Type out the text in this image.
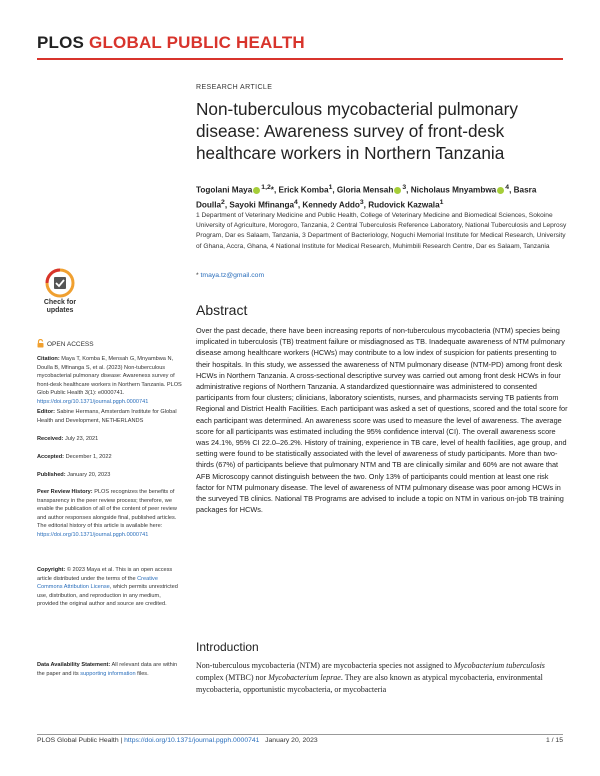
PLOS GLOBAL PUBLIC HEALTH
RESEARCH ARTICLE
Non-tuberculous mycobacterial pulmonary disease: Awareness survey of front-desk healthcare workers in Northern Tanzania
Togolani Maya $^{1,2}$*, Erick Komba$^1$, Gloria Mensah $^3$, Nicholaus Mnyambwa $^4$, Basra Doulla$^2$, Sayoki Mfinanga$^4$, Kennedy Addo$^3$, Rudovick Kazwala$^1$
1 Department of Veterinary Medicine and Public Health, College of Veterinary Medicine and Biomedical Sciences, Sokoine University of Agriculture, Morogoro, Tanzania, 2 Central Tuberculosis Reference Laboratory, National Tuberculosis and Leprosy Program, Dar es Salaam, Tanzania, 3 Department of Bacteriology, Noguchi Memorial Institute for Medical Research, University of Ghana, Accra, Ghana, 4 National Institute for Medical Research, Muhimbili Research Centre, Dar es Salaam, Tanzania
* tmaya.tz@gmail.com
Check for
updates
OPEN ACCESS
Citation: Maya T, Komba E, Mensah G, Mnyambwa N, Doulla B, Mfinanga S, et al. (2023) Non-tuberculous mycobacterial pulmonary disease: Awareness survey of front-desk healthcare workers in Northern Tanzania. PLOS Glob Public Health 3(1): e0000741. https://doi.org/10.1371/journal.pgph.0000741
Editor: Sabine Hermans, Amsterdam Institute for Global Health and Development, NETHERLANDS
Received: July 23, 2021
Accepted: December 1, 2022
Published: January 20, 2023
Peer Review History: PLOS recognizes the benefits of transparency in the peer review process; therefore, we enable the publication of all of the content of peer review and author responses alongside final, published articles. The editorial history of this article is available here: https://doi.org/10.1371/journal.pgph.0000741
Copyright: © 2023 Maya et al. This is an open access article distributed under the terms of the Creative Commons Attribution License, which permits unrestricted use, distribution, and reproduction in any medium, provided the original author and source are credited.
Data Availability Statement: All relevant data are within the paper and its supporting information files.
Abstract
Over the past decade, there have been increasing reports of non-tuberculous mycobacteria (NTM) species being implicated in tuberculosis (TB) treatment failure or misdiagnosed as TB. Inadequate awareness of NTM pulmonary disease among healthcare workers (HCWs) may contribute to a low index of suspicion for patients presenting to their hospitals. In this study, we assessed the awareness of NTM pulmonary disease (NTM-PD) among front desk HCWs in Northern Tanzania. A cross-sectional descriptive survey was carried out among front desk HCWs in four administrative regions of Northern Tanzania. A standardized questionnaire was administered to consented participants from four clusters; clinicians, laboratory scientists, nurses, and pharmacists serving TB patients from Regional and District Health Facilities. Each participant was asked a set of questions, scored and the total score for each participant was determined. An awareness score was used to measure the level of awareness. The average score for all participants was estimated including the 95% confidence interval (CI). The overall awareness score was 24.1%, 95% CI 22.0–26.2%. History of training, experience in TB care, level of health facilities, age group, and setting were found to be statistically associated with the level of awareness of study participants. More than two-thirds (67%) of participants believe that pulmonary NTM and TB are clinically similar and 60% are not aware that AFB Microscopy cannot distinguish between the two. Only 13% of participants could mention at least one risk factor for NTM pulmonary disease. The level of awareness of NTM pulmonary disease was poor among HCWs in the surveyed TB clinics. National TB Programs are advised to include a topic on NTM in various on-job TB training packages for HCWs.
Introduction
Non-tuberculous mycobacteria (NTM) are mycobacteria species not assigned to Mycobacterium tuberculosis complex (MTBC) nor Mycobacterium leprae. They are also known as atypical mycobacteria, environmental mycobacteria, opportunistic mycobacteria, or mycobacteria
PLOS Global Public Health | https://doi.org/10.1371/journal.pgph.0000741   January 20, 2023	1 / 15
